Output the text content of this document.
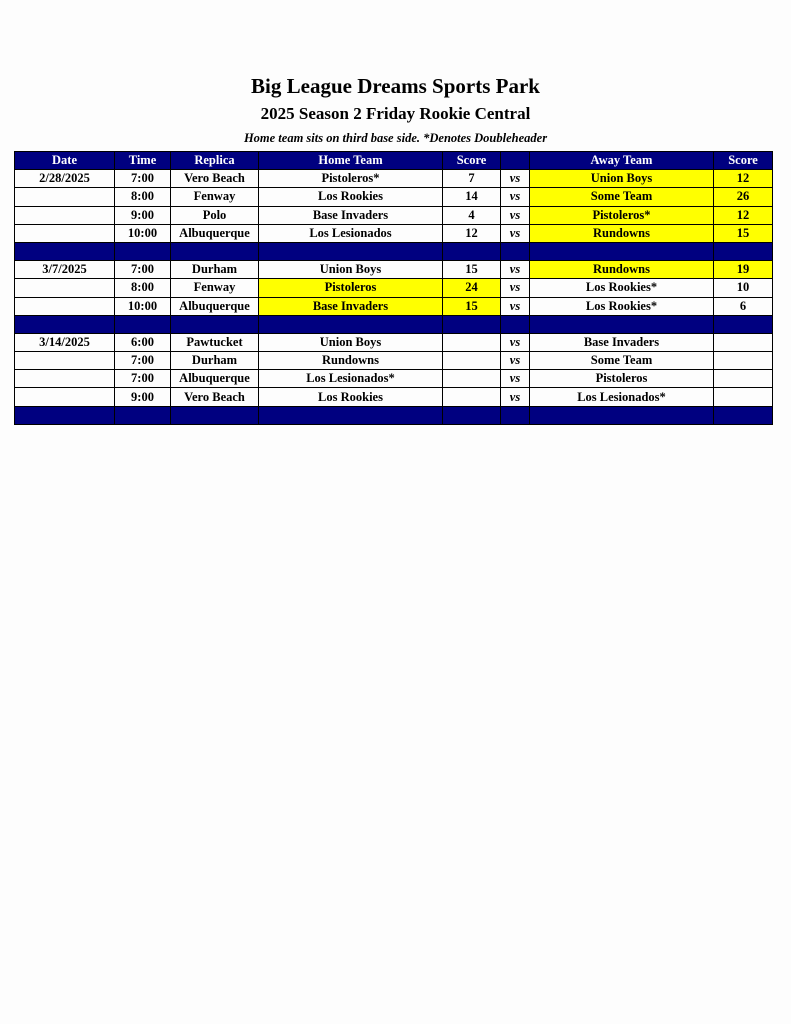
Big League Dreams Sports Park
2025 Season 2 Friday Rookie Central
Home team sits on third base side. *Denotes Doubleheader
Date	Time	Replica	Home Team	Score		Away Team	Score
2/28/2025	7:00	Vero Beach	Pistoleros*	7	vs	Union Boys	12
	8:00	Fenway	Los Rookies	14	vs	Some Team	26
	9:00	Polo	Base Invaders	4	vs	Pistoleros*	12
	10:00	Albuquerque	Los Lesionados	12	vs	Rundowns	15

3/7/2025	7:00	Durham	Union Boys	15	vs	Rundowns	19
	8:00	Fenway	Pistoleros	24	vs	Los Rookies*	10
	10:00	Albuquerque	Base Invaders	15	vs	Los Rookies*	6

3/14/2025	6:00	Pawtucket	Union Boys		vs	Base Invaders	
	7:00	Durham	Rundowns		vs	Some Team	
	7:00	Albuquerque	Los Lesionados*		vs	Pistoleros	
	9:00	Vero Beach	Los Rookies		vs	Los Lesionados*	
